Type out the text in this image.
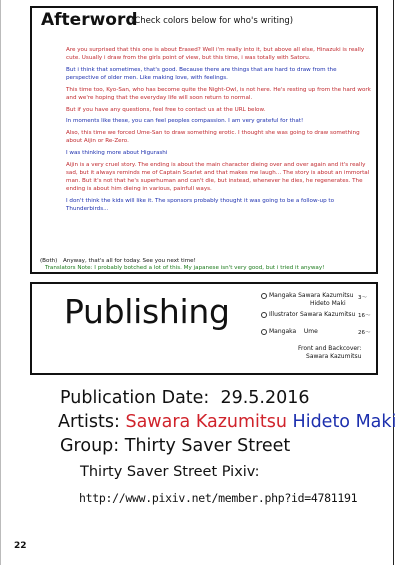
Afterword
(Check colors below for who's writing)

Are you surprised that this one is about Erased? Well i'm really into it, but above all else, Hinazuki is really cute. Usually i draw from the girls point of view, but this time, i was totally with Satoru.

But i think that sometimes, that's good. Because there are things that are hard to draw from the perspective of older men. Like making love, with feelings.

This time too, Kyo-San, who has become quite the Night-Owl, is not here. He's resting up from the hard work and we're hoping that the everyday life will soon return to normal.

But if you have any questions, feel free to contact us at the URL below.

In moments like these, you can feel peoples compassion. I am very grateful for that!

Also, this time we forced Ume-San to draw something erotic. I thought she was going to draw something about Aijin or Re-Zero.

I was thinking more about Higurashi

Aijin is a very cruel story. The ending is about the main character dieing over and over again and it's really sad, but it always reminds me of Captain Scarlet and that makes me laugh... The story is about an immortal man. But it's not that he's superhuman and can't die, but instead, whenever he dies, he regenerates. The ending is about him dieing in various, painfull ways.

I don't think the kids will like it. The sponsors probably thought it was going to be a follow-up to Thunderbirds...

(Both)　Anyway, that's all for today. See you next time!
Translators Note: I probably botched a lot of this. My japanese isn't very good, but i tried it anyway!
Publishing	Mangaka Sawara Kazumitsu
Hideto Maki
3〜
Illustrator Sawara Kazumitsu 16〜
Mangaka Ume	26〜
Front and Backcover:
Sawara Kazumitsu
Publication Date: 29.5.2016
Artists: Sawara Kazumitsu Hideto Maki
Group: Thirty Saver Street
Thirty Saver Street Pixiv:
http://www.pixiv.net/member.php?id=4781191
22
